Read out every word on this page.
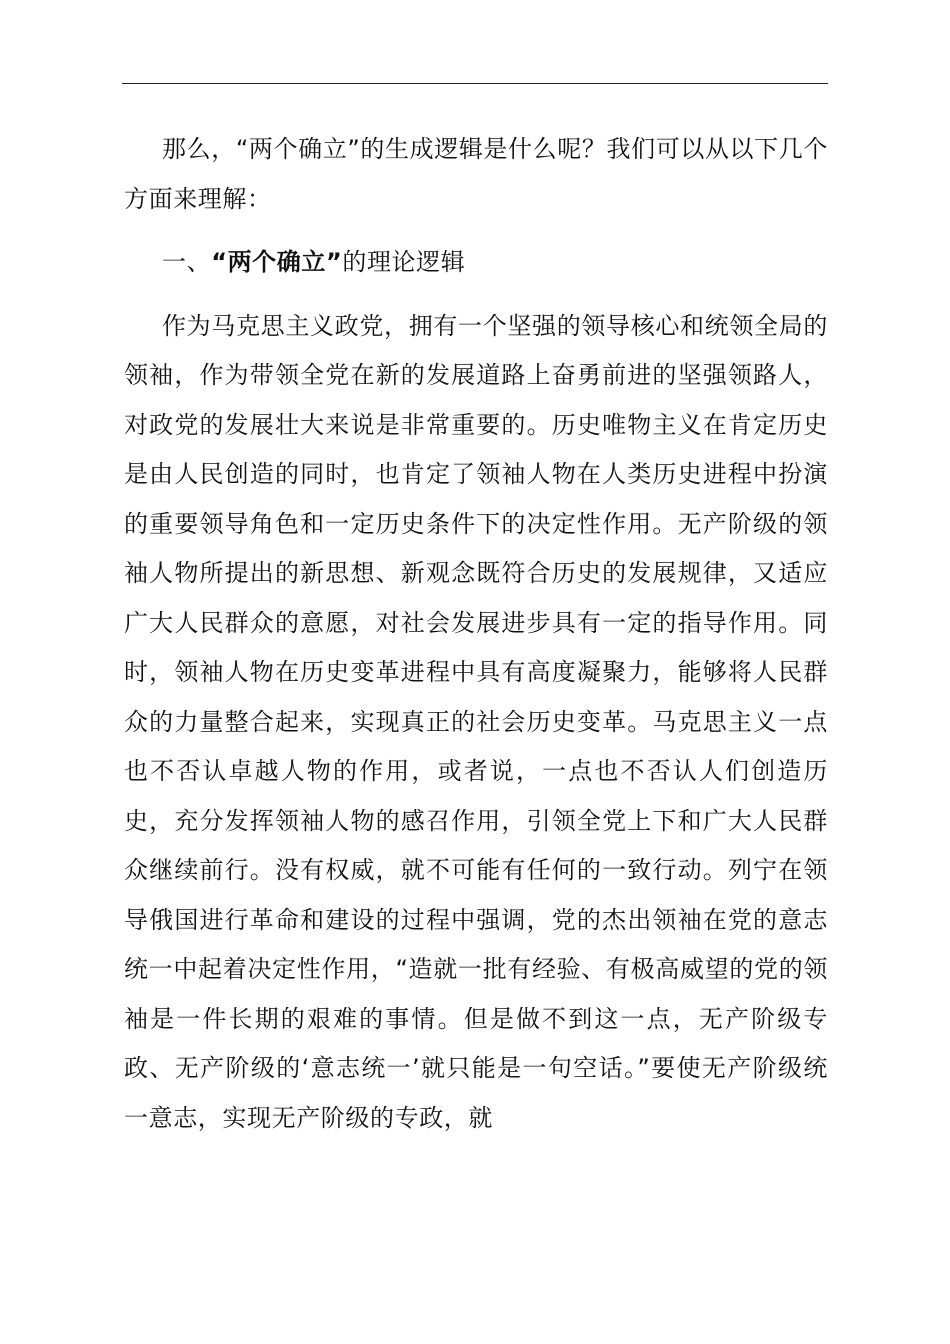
那么，“两个确立”的生成逻辑是什么呢？我们可以从以下几个方面来理解：

一、“两个确立”的理论逻辑

作为马克思主义政党，拥有一个坚强的领导核心和统领全局的领袖，作为带领全党在新的发展道路上奋勇前进的坚强领路人，对政党的发展壮大来说是非常重要的。历史唯物主义在肯定历史是由人民创造的同时，也肯定了领袖人物在人类历史进程中扮演的重要领导角色和一定历史条件下的决定性作用。无产阶级的领袖人物所提出的新思想、新观念既符合历史的发展规律，又适应广大人民群众的意愿，对社会发展进步具有一定的指导作用。同时，领袖人物在历史变革进程中具有高度凝聚力，能够将人民群众的力量整合起来，实现真正的社会历史变革。马克思主义一点也不否认卓越人物的作用，或者说，一点也不否认人们创造历史，充分发挥领袖人物的感召作用，引领全党上下和广大人民群众继续前行。没有权威，就不可能有任何的一致行动。列宁在领导俄国进行革命和建设的过程中强调，党的杰出领袖在党的意志统一中起着决定性作用，“造就一批有经验、有极高威望的党的领袖是一件长期的艰难的事情。但是做不到这一点，无产阶级专政、无产阶级的‘意志统一’就只能是一句空话。”要使无产阶级统一意志，实现无产阶级的专政，就
